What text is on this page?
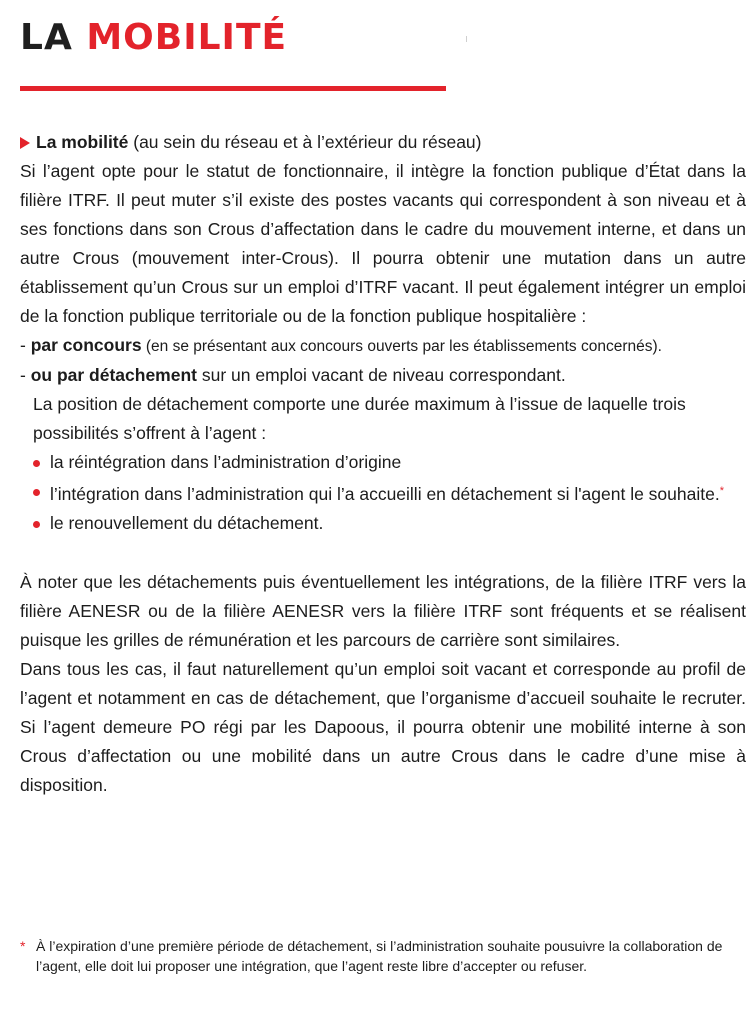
LA MOBILITÉ

La mobilité (au sein du réseau et à l’extérieur du réseau)

Si l’agent opte pour le statut de fonctionnaire, il intègre la fonction publique d’État dans la filière ITRF. Il peut muter s’il existe des postes vacants qui correspondent à son niveau et à ses fonctions dans son Crous d’affectation dans le cadre du mouvement interne, et dans un autre Crous (mouvement inter-Crous). Il pourra obtenir une mutation dans un autre établissement qu’un Crous sur un emploi d’ITRF vacant. Il peut également intégrer un emploi de la fonction publique territoriale ou de la fonction publique hospitalière :

- par concours (en se présentant aux concours ouverts par les établissements concernés).

- ou par détachement sur un emploi vacant de niveau correspondant.

La position de détachement comporte une durée maximum à l’issue de laquelle trois possibilités s’offrent à l’agent :

la réintégration dans l’administration d’origine
l’intégration dans l’administration qui l’a accueilli en détachement si l'agent le souhaite.*
le renouvellement du détachement.

À noter que les détachements puis éventuellement les intégrations, de la filière ITRF vers la filière AENESR ou de la filière AENESR vers la filière ITRF sont fréquents et se réalisent puisque les grilles de rémunération et les parcours de carrière sont similaires.

Dans tous les cas, il faut naturellement qu’un emploi soit vacant et corresponde au profil de l’agent et notamment en cas de détachement, que l’organisme d’accueil souhaite le recruter. Si l’agent demeure PO régi par les Dapoous, il pourra obtenir une mobilité interne à son Crous d’affectation ou une mobilité dans un autre Crous dans le cadre d’une mise à disposition.

* À l’expiration d’une première période de détachement, si l’administration souhaite pousuivre la collaboration de l’agent, elle doit lui proposer une intégration, que l’agent reste libre d’accepter ou refuser.
